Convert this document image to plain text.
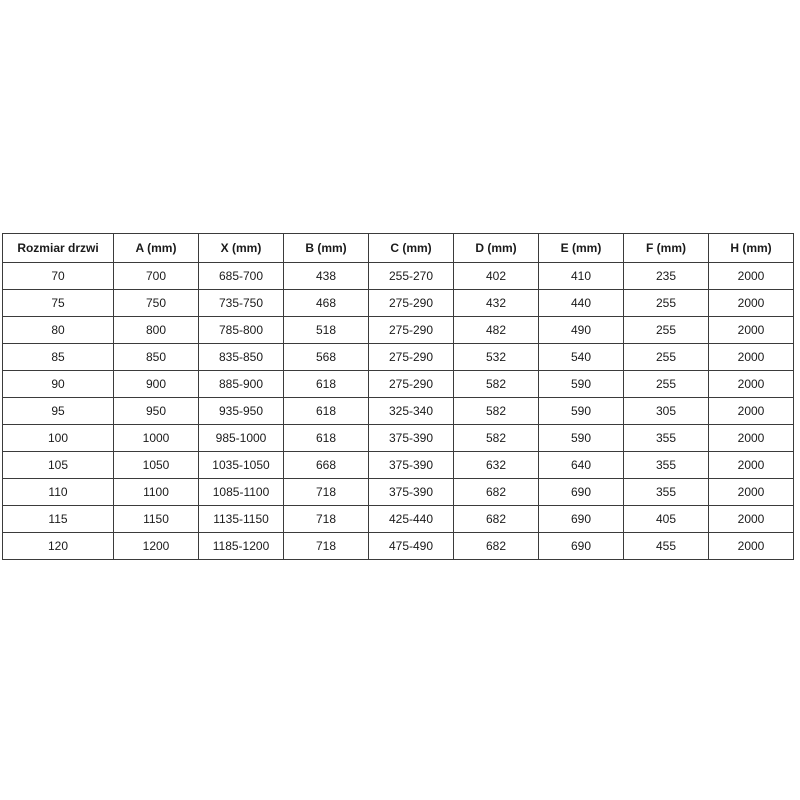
Rozmiar drzwi	A (mm)	X (mm)	B (mm)	C (mm)	D (mm)	E (mm)	F (mm)	H (mm)
70	700	685-700	438	255-270	402	410	235	2000
75	750	735-750	468	275-290	432	440	255	2000
80	800	785-800	518	275-290	482	490	255	2000
85	850	835-850	568	275-290	532	540	255	2000
90	900	885-900	618	275-290	582	590	255	2000
95	950	935-950	618	325-340	582	590	305	2000
100	1000	985-1000	618	375-390	582	590	355	2000
105	1050	1035-1050	668	375-390	632	640	355	2000
110	1100	1085-1100	718	375-390	682	690	355	2000
115	1150	1135-1150	718	425-440	682	690	405	2000
120	1200	1185-1200	718	475-490	682	690	455	2000
